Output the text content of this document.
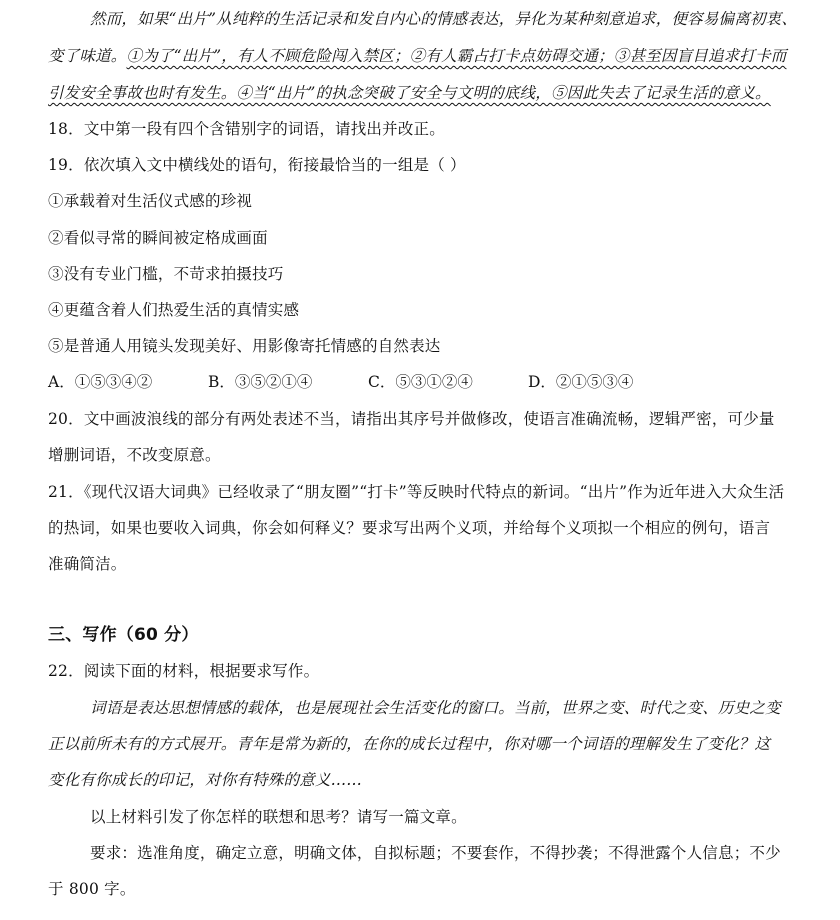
然而，如果“出片”从纯粹的生活记录和发自内心的情感表达，异化为某种刻意追求，便容易偏离初衷、
变了味道。①为了“出片”，有人不顾危险闯入禁区；②有人霸占打卡点妨碍交通；③甚至因盲目追求打卡而
引发安全事故也时有发生。④当“出片”的执念突破了安全与文明的底线，⑤因此失去了记录生活的意义。
18．文中第一段有四个含错别字的词语，请找出并改正。
19．依次填入文中横线处的语句，衔接最恰当的一组是（ ）
①承载着对生活仪式感的珍视
②看似寻常的瞬间被定格成画面
③没有专业门槛，不苛求拍摄技巧
④更蕴含着人们热爱生活的真情实感
⑤是普通人用镜头发现美好、用影像寄托情感的自然表达
A．①⑤③④②	B．③⑤②①④	C．⑤③①②④	D．②①⑤③④
20．文中画波浪线的部分有两处表述不当，请指出其序号并做修改，使语言准确流畅，逻辑严密，可少量
增删词语，不改变原意。
21．《现代汉语大词典》已经收录了“朋友圈”“打卡”等反映时代特点的新词。“出片”作为近年进入大众生活
的热词，如果也要收入词典，你会如何释义？要求写出两个义项，并给每个义项拟一个相应的例句，语言
准确简洁。
三、写作（60 分）
22．阅读下面的材料，根据要求写作。
词语是表达思想情感的载体，也是展现社会生活变化的窗口。当前，世界之变、时代之变、历史之变
正以前所未有的方式展开。青年是常为新的，在你的成长过程中，你对哪一个词语的理解发生了变化？这
变化有你成长的印记，对你有特殊的意义……
以上材料引发了你怎样的联想和思考？请写一篇文章。
要求：选准角度，确定立意，明确文体，自拟标题；不要套作，不得抄袭；不得泄露个人信息；不少
于 800 字。
